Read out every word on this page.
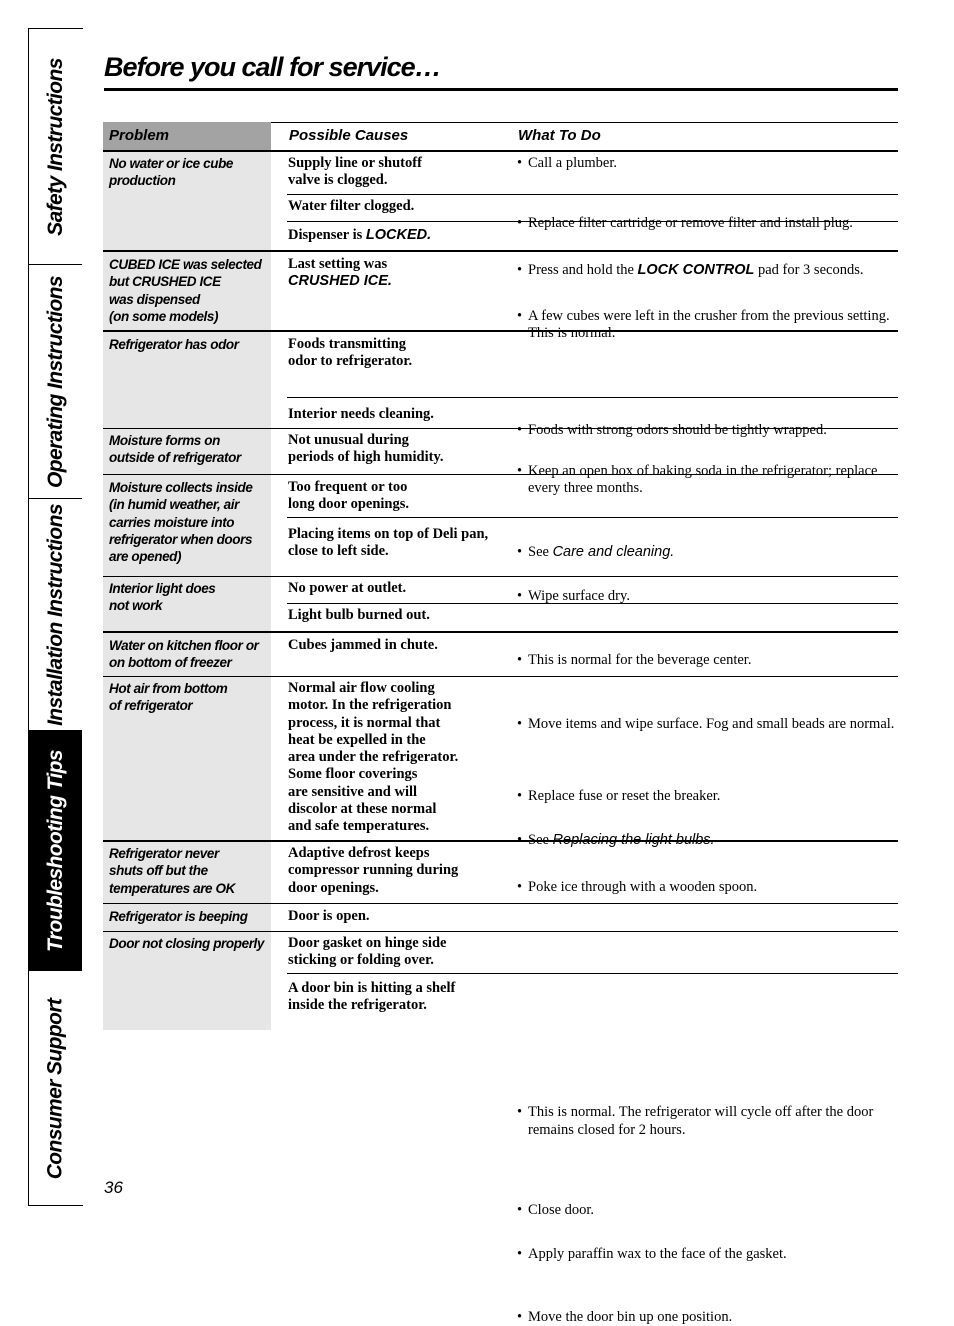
Safety Instructions
Operating Instructions
Installation Instructions
Troubleshooting Tips
Consumer Support
Before you call for service…
Problem	Possible Causes	What To Do
No water or ice cube
production
CUBED ICE was selected
but CRUSHED ICE
was dispensed
(on some models)
Refrigerator has odor
Moisture forms on
outside of refrigerator
Moisture collects inside
(in humid weather, air
carries moisture into
refrigerator when doors
are opened)
Interior light does
not work
Water on kitchen floor or
on bottom of freezer
Hot air from bottom
of refrigerator
Refrigerator never
shuts off but the
temperatures are OK
Refrigerator is beeping
Door not closing properly
Supply line or shutoff
valve is clogged.
Water filter clogged.
Dispenser is LOCKED.
Last setting was
CRUSHED ICE.
Foods transmitting
odor to refrigerator.
Interior needs cleaning.
Not unusual during
periods of high humidity.
Too frequent or too
long door openings.
Placing items on top of Deli pan,
close to left side.
No power at outlet.
Light bulb burned out.
Cubes jammed in chute.
Normal air flow cooling
motor. In the refrigeration
process, it is normal that
heat be expelled in the
area under the refrigerator.
Some floor coverings
are sensitive and will
discolor at these normal
and safe temperatures.
Adaptive defrost keeps
compressor running during
door openings.
Door is open.
Door gasket on hinge side
sticking or folding over.
A door bin is hitting a shelf
inside the refrigerator.
• Call a plumber.
• Replace filter cartridge or remove filter and install plug.
• Press and hold the LOCK CONTROL pad for 3 seconds.
• A few cubes were left in the crusher from the previous setting. This is normal.
• Foods with strong odors should be tightly wrapped.
• Keep an open box of baking soda in the refrigerator; replace every three months.
• See Care and cleaning.
• Wipe surface dry.
• This is normal for the beverage center.
• Move items and wipe surface. Fog and small beads are normal.
• Replace fuse or reset the breaker.
• See Replacing the light bulbs.
• Poke ice through with a wooden spoon.
• This is normal. The refrigerator will cycle off after the door remains closed for 2 hours.
• Close door.
• Apply paraffin wax to the face of the gasket.
• Move the door bin up one position.
36
